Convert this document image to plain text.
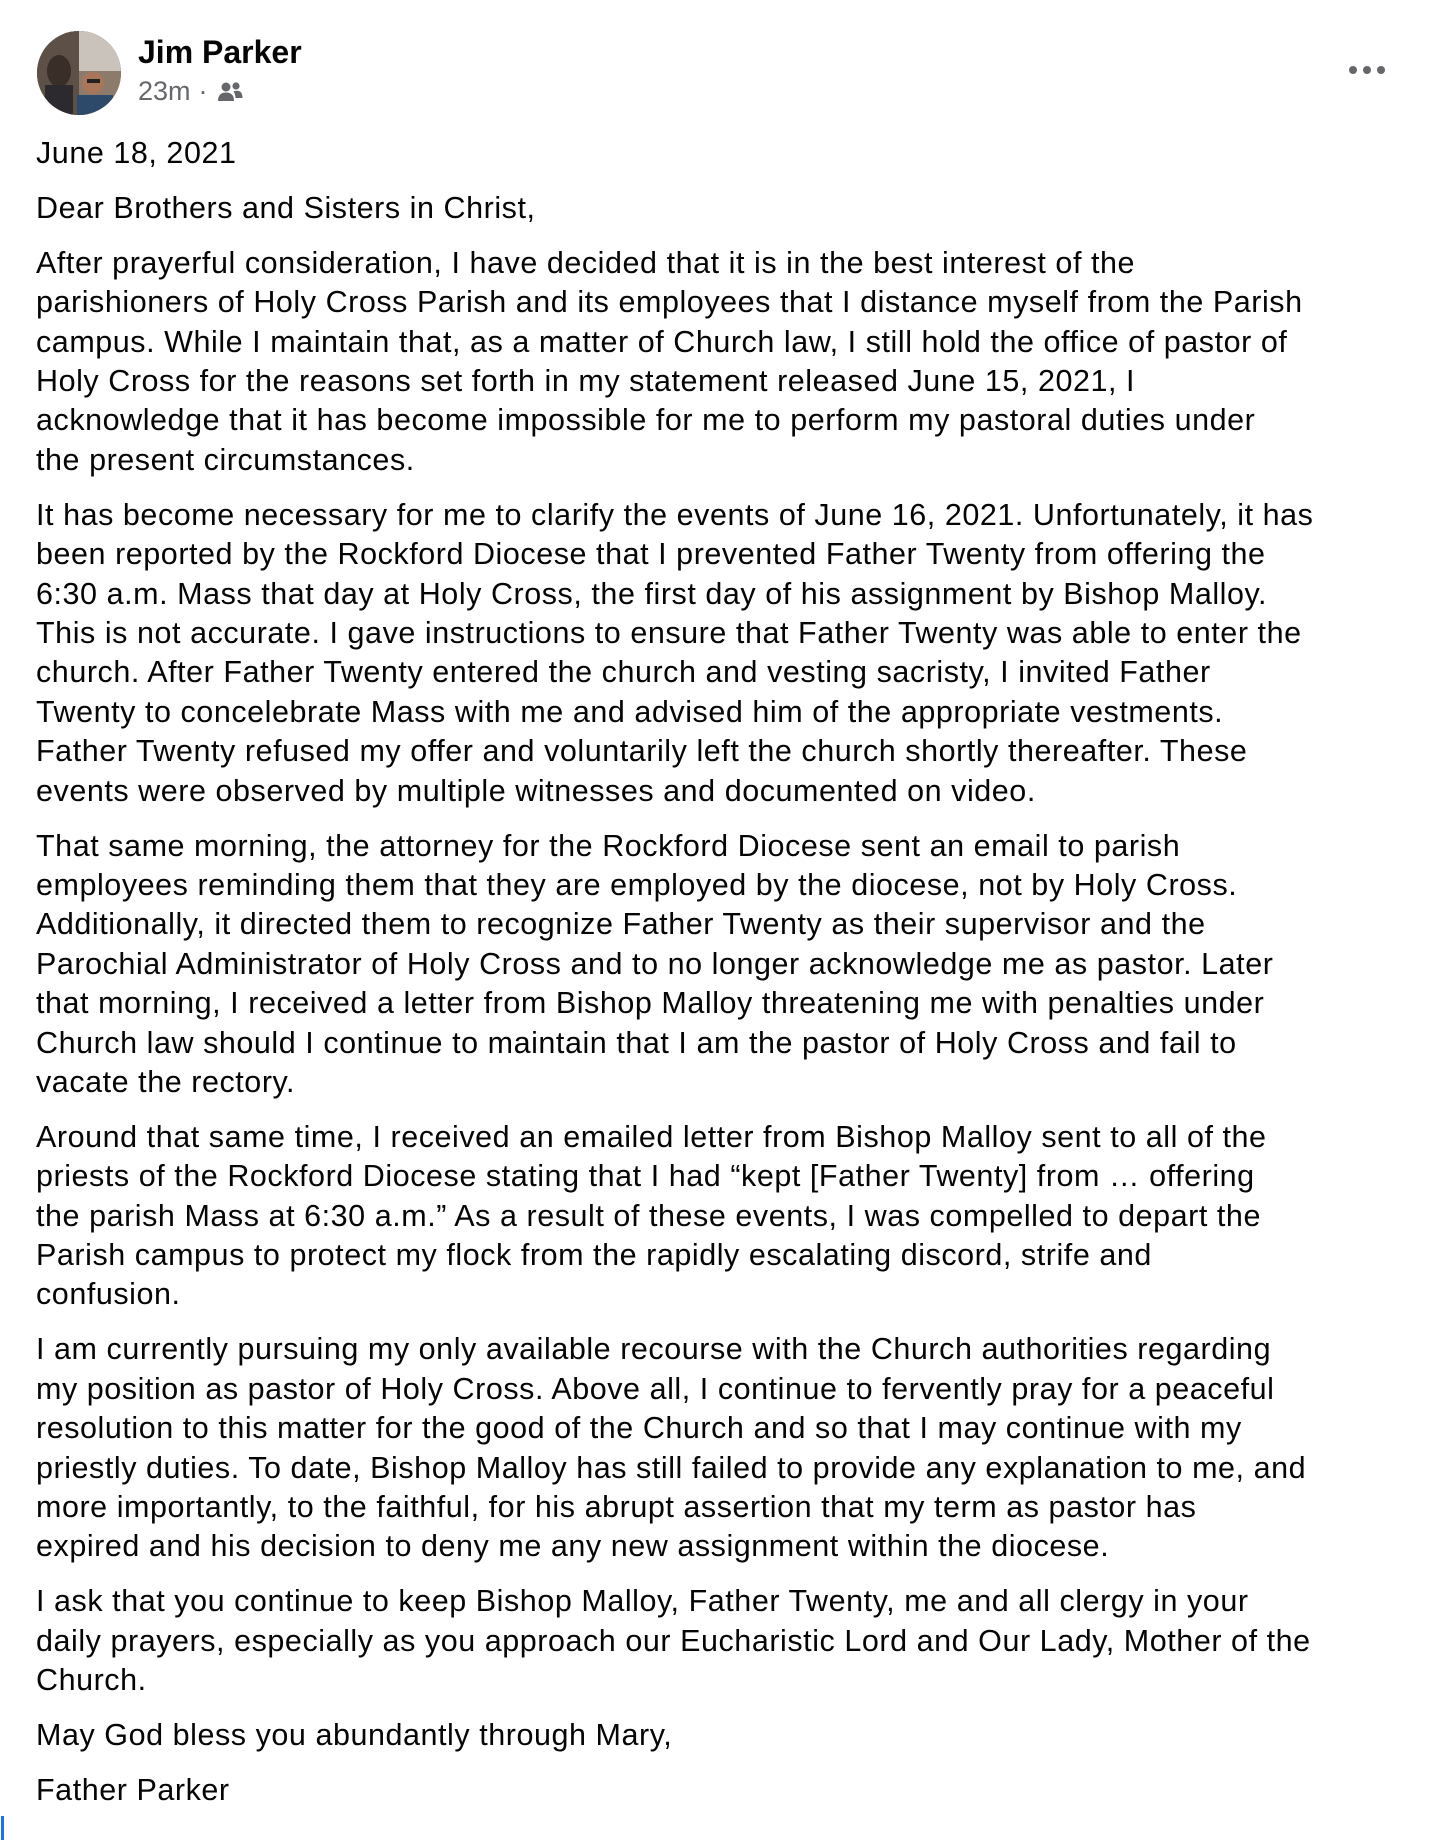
Jim Parker
23m ·

June 18, 2021

Dear Brothers and Sisters in Christ,

After prayerful consideration, I have decided that it is in the best interest of the
parishioners of Holy Cross Parish and its employees that I distance myself from the Parish
campus. While I maintain that, as a matter of Church law, I still hold the office of pastor of
Holy Cross for the reasons set forth in my statement released June 15, 2021, I
acknowledge that it has become impossible for me to perform my pastoral duties under
the present circumstances.

It has become necessary for me to clarify the events of June 16, 2021. Unfortunately, it has
been reported by the Rockford Diocese that I prevented Father Twenty from offering the
6:30 a.m. Mass that day at Holy Cross, the first day of his assignment by Bishop Malloy.
This is not accurate. I gave instructions to ensure that Father Twenty was able to enter the
church. After Father Twenty entered the church and vesting sacristy, I invited Father
Twenty to concelebrate Mass with me and advised him of the appropriate vestments.
Father Twenty refused my offer and voluntarily left the church shortly thereafter. These
events were observed by multiple witnesses and documented on video.

That same morning, the attorney for the Rockford Diocese sent an email to parish
employees reminding them that they are employed by the diocese, not by Holy Cross.
Additionally, it directed them to recognize Father Twenty as their supervisor and the
Parochial Administrator of Holy Cross and to no longer acknowledge me as pastor. Later
that morning, I received a letter from Bishop Malloy threatening me with penalties under
Church law should I continue to maintain that I am the pastor of Holy Cross and fail to
vacate the rectory.

Around that same time, I received an emailed letter from Bishop Malloy sent to all of the
priests of the Rockford Diocese stating that I had “kept [Father Twenty] from … offering
the parish Mass at 6:30 a.m.” As a result of these events, I was compelled to depart the
Parish campus to protect my flock from the rapidly escalating discord, strife and
confusion.

I am currently pursuing my only available recourse with the Church authorities regarding
my position as pastor of Holy Cross. Above all, I continue to fervently pray for a peaceful
resolution to this matter for the good of the Church and so that I may continue with my
priestly duties. To date, Bishop Malloy has still failed to provide any explanation to me, and
more importantly, to the faithful, for his abrupt assertion that my term as pastor has
expired and his decision to deny me any new assignment within the diocese.

I ask that you continue to keep Bishop Malloy, Father Twenty, me and all clergy in your
daily prayers, especially as you approach our Eucharistic Lord and Our Lady, Mother of the
Church.

May God bless you abundantly through Mary,

Father Parker
